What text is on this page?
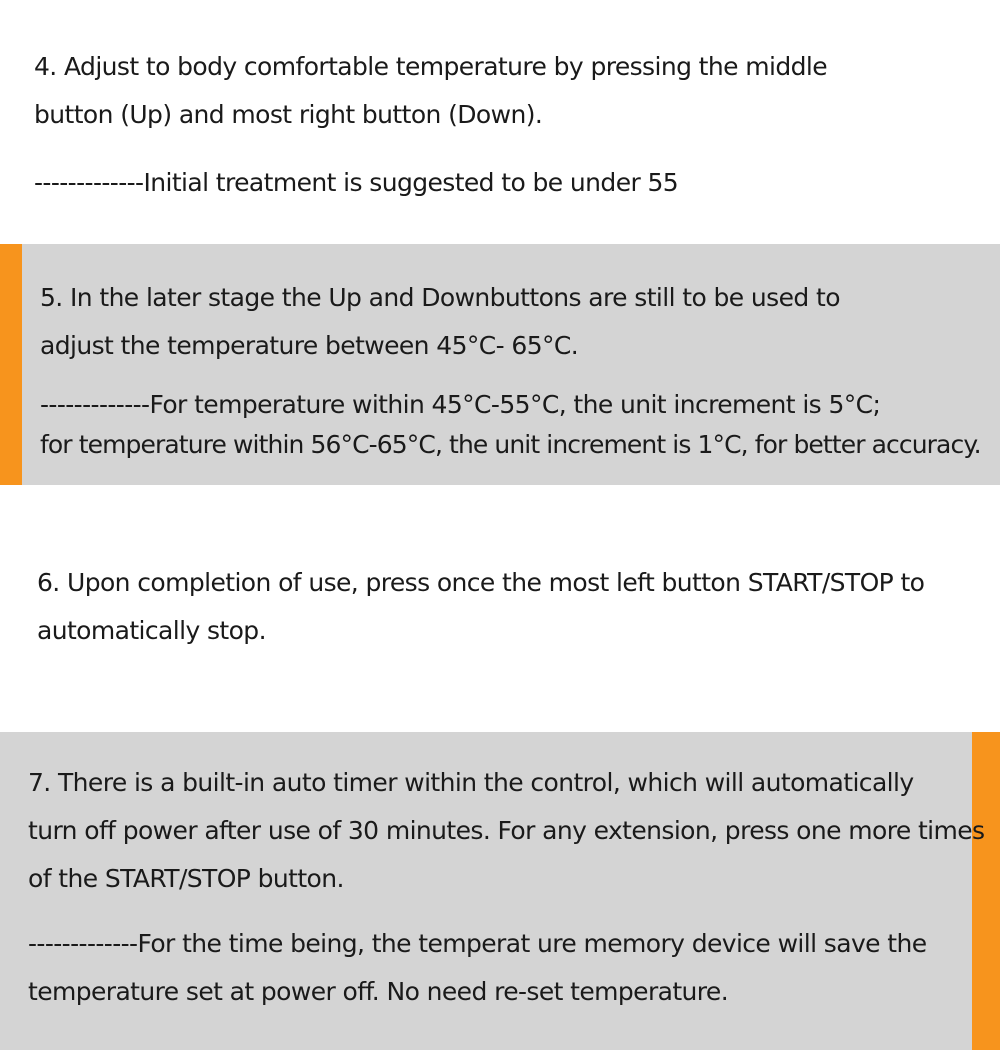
4. Adjust to body comfortable temperature by pressing the middle

button (Up) and most right button (Down).

-------------Initial treatment is suggested to be under 55

5. In the later stage the Up and Downbuttons are still to be used to

adjust the temperature between 45°C- 65°C.

-------------For temperature within 45°C-55°C, the unit increment is 5°C;

for temperature within 56°C-65°C, the unit increment is 1°C, for better accuracy.

6. Upon completion of use, press once the most left button START/STOP to

automatically stop.

7. There is a built-in auto timer within the control, which will automatically

turn off power after use of 30 minutes. For any extension, press one more times

of the START/STOP button.

-------------For the time being, the temperat ure memory device will save the

temperature set at power off. No need re-set temperature.
